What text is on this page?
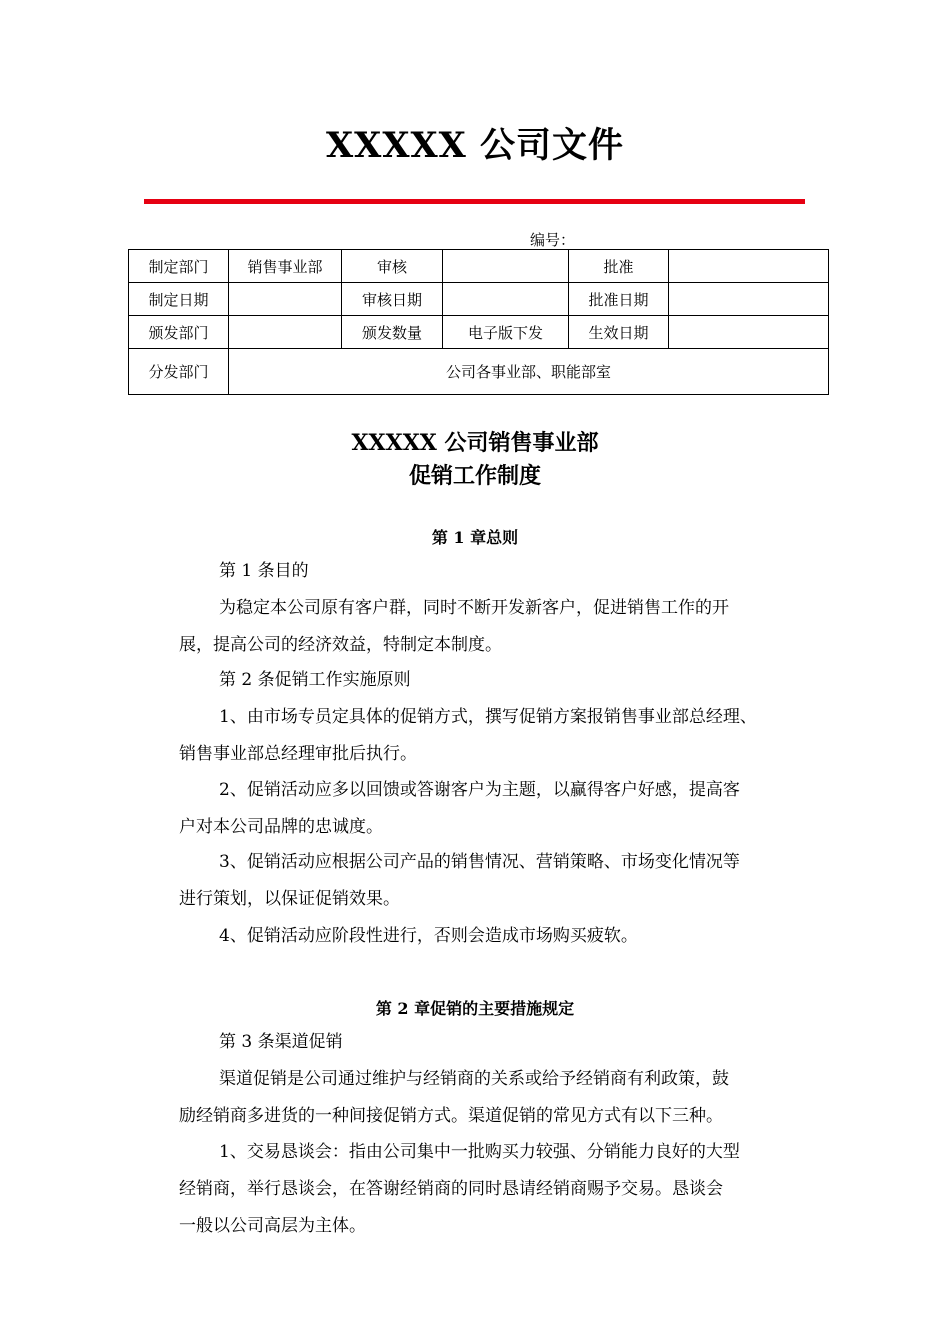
XXXXX 公司文件
编号：
制定部门	销售事业部	审核		批准	
制定日期		审核日期		批准日期	
颁发部门		颁发数量	电子版下发	生效日期	
分发部门	公司各事业部、职能部室				
XXXXX 公司销售事业部
促销工作制度
第 1 章总则
第 1 条目的
为稳定本公司原有客户群，同时不断开发新客户，促进销售工作的开
展，提高公司的经济效益，特制定本制度。
第 2 条促销工作实施原则
1、由市场专员定具体的促销方式，撰写促销方案报销售事业部总经理、
销售事业部总经理审批后执行。
2、促销活动应多以回馈或答谢客户为主题，以赢得客户好感，提高客
户对本公司品牌的忠诚度。
3、促销活动应根据公司产品的销售情况、营销策略、市场变化情况等
进行策划，以保证促销效果。
4、促销活动应阶段性进行，否则会造成市场购买疲软。
第 2 章促销的主要措施规定
第 3 条渠道促销
渠道促销是公司通过维护与经销商的关系或给予经销商有利政策，鼓
励经销商多进货的一种间接促销方式。渠道促销的常见方式有以下三种。
1、交易恳谈会：指由公司集中一批购买力较强、分销能力良好的大型
经销商，举行恳谈会，在答谢经销商的同时恳请经销商赐予交易。恳谈会
一般以公司高层为主体。
